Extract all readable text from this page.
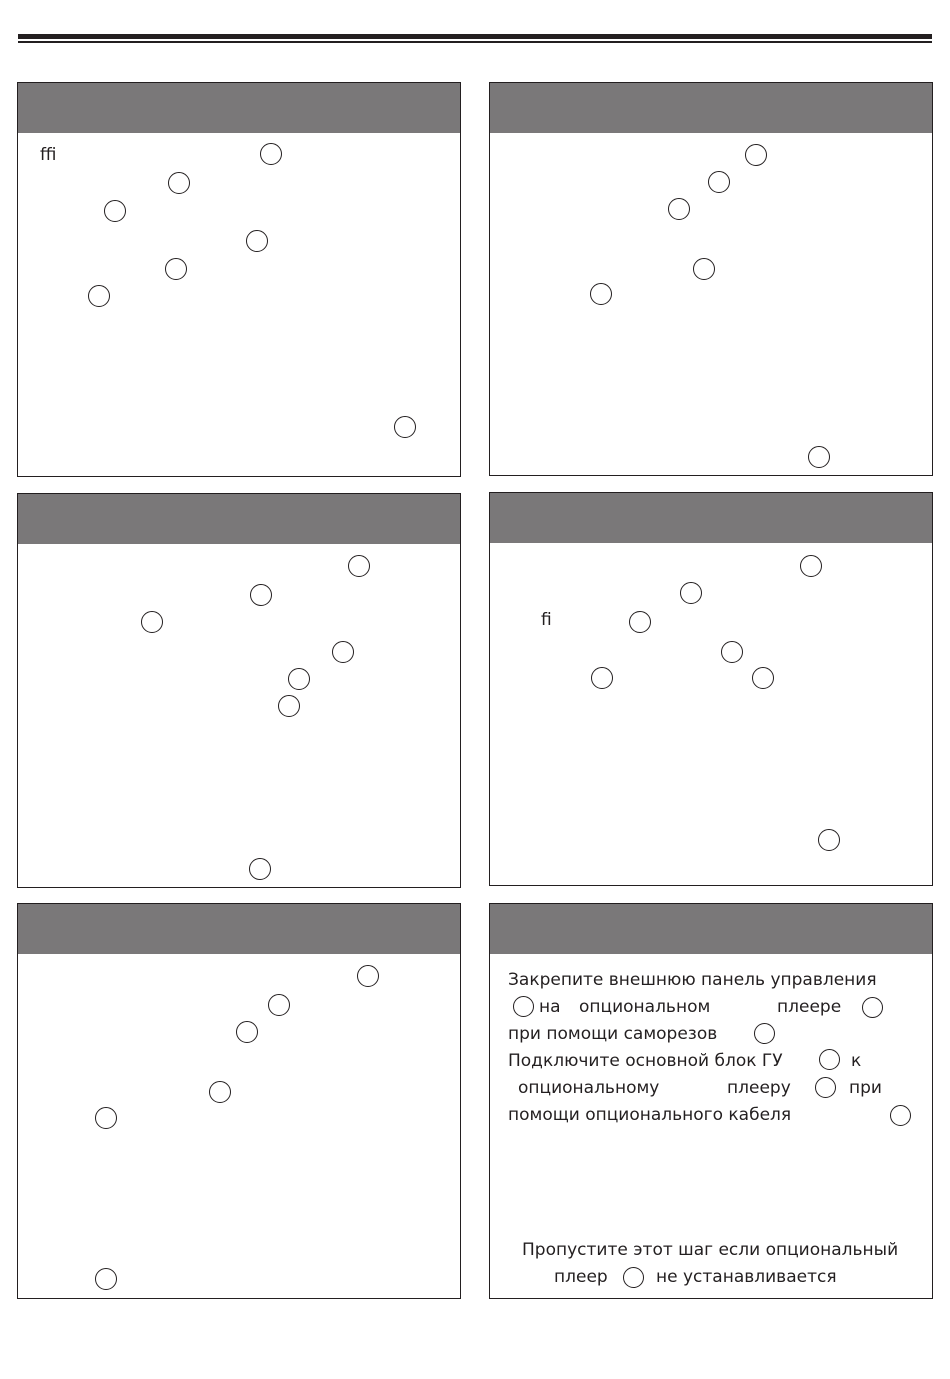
ﬃ
ﬁ
Закрепите внешнюю панель управления
на опциональном	плеере
при помощи саморезов
Подключите основной блок ГУ	к
опциональному	плееру	при
помощи опционального кабеля
Пропустите этот шаг если опциональный
плеер	не устанавливается
